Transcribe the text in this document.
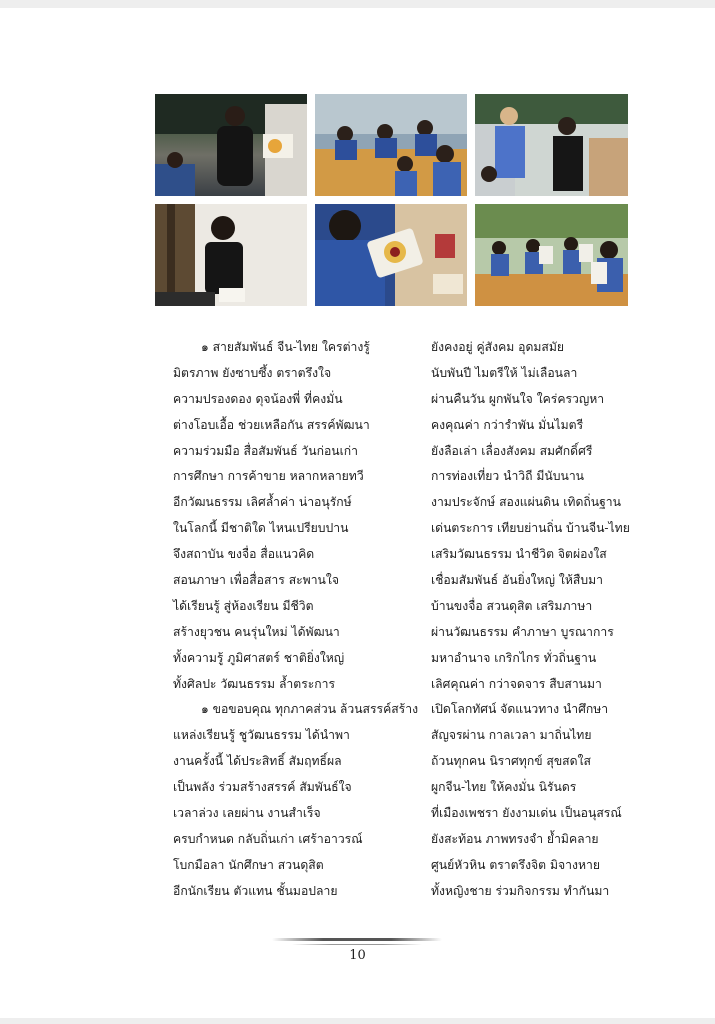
๑ สายสัมพันธ์ จีน-ไทย ใครต่างรู้	ยังคงอยู่ คู่สังคม อุดมสมัย
มิตรภาพ ยังซาบซึ้ง ตราตรึงใจ	นับพันปี ไมตรีให้ ไม่เลือนลา
ความปรองดอง ดุจน้องพี่ ที่คงมั่น	ผ่านคืนวัน ผูกพันใจ ใคร่ครวญหา
ต่างโอบเอื้อ ช่วยเหลือกัน สรรค์พัฒนา	คงคุณค่า กว่ารำพัน มั่นไมตรี
ความร่วมมือ สื่อสัมพันธ์ วันก่อนเก่า	ยังลือเล่า เลื่องสังคม สมศักดิ์ศรี
การศึกษา การค้าขาย หลากหลายทวี	การท่องเที่ยว นำวิถี มีนับนาน
อีกวัฒนธรรม เลิศล้ำค่า น่าอนุรักษ์	งามประจักษ์ สองแผ่นดิน เทิดถิ่นฐาน
ในโลกนี้ มีชาติใด ไหนเปรียบปาน	เด่นตระการ เทียบย่านถิ่น บ้านจีน-ไทย
จึงสถาบัน ขงจื่อ สื่อแนวคิด	เสริมวัฒนธรรม นำชีวิต จิตผ่องใส
สอนภาษา เพื่อสื่อสาร สะพานใจ	เชื่อมสัมพันธ์ อันยิ่งใหญ่ ให้สืบมา
ได้เรียนรู้ สู่ห้องเรียน มีชีวิต	บ้านขงจื่อ สวนดุสิต เสริมภาษา
สร้างยุวชน คนรุ่นใหม่ ได้พัฒนา	ผ่านวัฒนธรรม คำภาษา บูรณาการ
ทั้งความรู้ ภูมิศาสตร์ ชาติยิ่งใหญ่	มหาอำนาจ เกริกไกร ทั่วถิ่นฐาน
ทั้งศิลปะ วัฒนธรรม ล้ำตระการ	เลิศคุณค่า กว่าจดจาร สืบสานมา
๑ ขอขอบคุณ ทุกภาคส่วน ล้วนสรรค์สร้าง เปิดโลกทัศน์ จัดแนวทาง นำศึกษา
แหล่งเรียนรู้ ชูวัฒนธรรม ได้นำพา	สัญจรผ่าน กาลเวลา มาถิ่นไทย
งานครั้งนี้ ได้ประสิทธิ์ สัมฤทธิ์ผล	ถ้วนทุกคน นิราศทุกข์ สุขสดใส
เป็นพลัง ร่วมสร้างสรรค์ สัมพันธ์ใจ	ผูกจีน-ไทย ให้คงมั่น นิรันดร
เวลาล่วง เลยผ่าน งานสำเร็จ	ที่เมืองเพชรา ยังงามเด่น เป็นอนุสรณ์
ครบกำหนด กลับถิ่นเก่า เศร้าอาวรณ์	ยังสะท้อน ภาพทรงจำ ย้ำมิคลาย
โบกมือลา นักศึกษา สวนดุสิต	ศูนย์หัวหิน ตราตรึงจิต มิจางหาย
อีกนักเรียน ตัวแทน ชั้นมอปลาย	ทั้งหญิงชาย ร่วมกิจกรรม ทำกันมา
10
